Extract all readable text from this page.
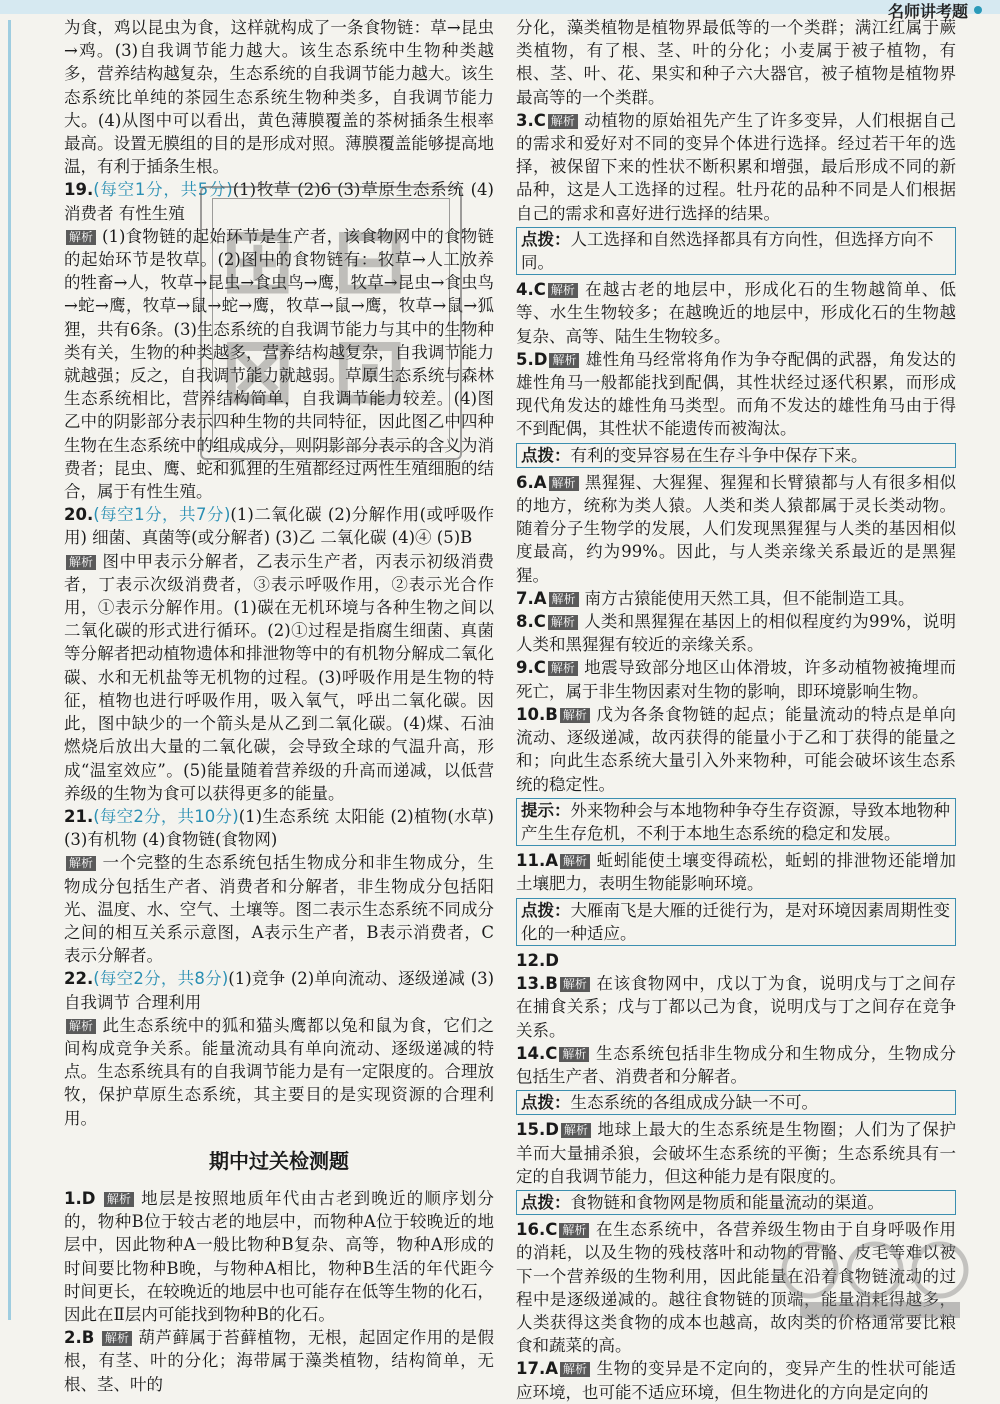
名师讲考题

为食，鸡以昆虫为食，这样就构成了一条食物链：草→昆虫→鸡。(3)自我调节能力越大。该生态系统中生物种类越多，营养结构越复杂，生态系统的自我调节能力越大。该生态系统比单纯的茶园生态系统生物种类多，自我调节能力大。(4)从图中可以看出，黄色薄膜覆盖的茶树插条生根率最高。设置无膜组的目的是形成对照。薄膜覆盖能够提高地温，有利于插条生根。

19.(每空1分，共5分)(1)牧草 (2)6 (3)草原生态系统 (4)消费者 有性生殖
解析 (1)食物链的起始环节是生产者，该食物网中的食物链的起始环节是牧草。(2)图中的食物链有：牧草→人工放养的牲畜→人，牧草→昆虫→食虫鸟→鹰，牧草→昆虫→食虫鸟→蛇→鹰，牧草→鼠→蛇→鹰，牧草→鼠→鹰，牧草→鼠→狐狸，共有6条。(3)生态系统的自我调节能力与其中的生物种类有关，生物的种类越多，营养结构越复杂，自我调节能力就越强；反之，自我调节能力就越弱。草原生态系统与森林生态系统相比，营养结构简单，自我调节能力较差。(4)图乙中的阴影部分表示四种生物的共同特征，因此图乙中四种生物在生态系统中的组成成分，则阴影部分表示的含义为消费者；昆虫、鹰、蛇和狐狸的生殖都经过两性生殖细胞的结合，属于有性生殖。
20.(每空1分，共7分)(1)二氧化碳 (2)分解作用(或呼吸作用) 细菌、真菌等(或分解者) (3)乙 二氧化碳 (4)④ (5)B
解析 图中甲表示分解者，乙表示生产者，丙表示初级消费者，丁表示次级消费者，③表示呼吸作用，②表示光合作用，①表示分解作用。(1)碳在无机环境与各种生物之间以二氧化碳的形式进行循环。(2)①过程是指腐生细菌、真菌等分解者把动植物遗体和排泄物等中的有机物分解成二氧化碳、水和无机盐等无机物的过程。(3)呼吸作用是生物的特征，植物也进行呼吸作用，吸入氧气，呼出二氧化碳。因此，图中缺少的一个箭头是从乙到二氧化碳。(4)煤、石油燃烧后放出大量的二氧化碳，会导致全球的气温升高，形成“温室效应”。(5)能量随着营养级的升高而递减，以低营养级的生物为食可以获得更多的能量。
21.(每空2分，共10分)(1)生态系统 太阳能 (2)植物(水草) (3)有机物 (4)食物链(食物网)
解析 一个完整的生态系统包括生物成分和非生物成分，生物成分包括生产者、消费者和分解者，非生物成分包括阳光、温度、水、空气、土壤等。图二表示生态系统不同成分之间的相互关系示意图，A表示生产者，B表示消费者，C表示分解者。
22.(每空2分，共8分)(1)竞争 (2)单向流动、逐级递减 (3)自我调节 合理利用
解析 此生态系统中的狐和猫头鹰都以兔和鼠为食，它们之间构成竞争关系。能量流动具有单向流动、逐级递减的特点。生态系统具有的自我调节能力是有一定限度的。合理放牧，保护草原生态系统，其主要目的是实现资源的合理利用。
期中过关检测题
1.D 解析 地层是按照地质年代由古老到晚近的顺序划分的，物种B位于较古老的地层中，而物种A位于较晚近的地层中，因此物种A一般比物种B复杂、高等，物种A形成的时间要比物种B晚，与物种A相比，物种B生活的年代距今时间更长，在较晚近的地层中也可能存在低等生物的化石，因此在Ⅱ层内可能找到物种B的化石。
2.B 解析 葫芦藓属于苔藓植物，无根，起固定作用的是假根，有茎、叶的分化；海带属于藻类植物，结构简单，无根、茎、叶的
⊞ ⊟
⊠ ⊡

分化，藻类植物是植物界最低等的一个类群；满江红属于蕨类植物，有了根、茎、叶的分化；小麦属于被子植物，有根、茎、叶、花、果实和种子六大器官，被子植物是植物界最高等的一个类群。

3.C 解析 动植物的原始祖先产生了许多变异，人们根据自己的需求和爱好对不同的变异个体进行选择。经过若干年的选择，被保留下来的性状不断积累和增强，最后形成不同的新品种，这是人工选择的过程。牡丹花的品种不同是人们根据自己的需求和喜好进行选择的结果。
点拨：人工选择和自然选择都具有方向性，但选择方向不同。
4.C 解析 在越古老的地层中，形成化石的生物越简单、低等、水生生物较多；在越晚近的地层中，形成化石的生物越复杂、高等、陆生生物较多。
5.D 解析 雄性角马经常将角作为争夺配偶的武器，角发达的雄性角马一般都能找到配偶，其性状经过逐代积累，而形成现代角发达的雄性角马类型。而角不发达的雄性角马由于得不到配偶，其性状不能遗传而被淘汰。
点拨：有利的变异容易在生存斗争中保存下来。
6.A 解析 黑猩猩、大猩猩、猩猩和长臂猿都与人有很多相似的地方，统称为类人猿。人类和类人猿都属于灵长类动物。随着分子生物学的发展，人们发现黑猩猩与人类的基因相似度最高，约为99%。因此，与人类亲缘关系最近的是黑猩猩。
7.A 解析 南方古猿能使用天然工具，但不能制造工具。
8.C 解析 人类和黑猩猩在基因上的相似程度约为99%，说明人类和黑猩猩有较近的亲缘关系。
9.C 解析 地震导致部分地区山体滑坡，许多动植物被掩埋而死亡，属于非生物因素对生物的影响，即环境影响生物。
10.B 解析 戊为各条食物链的起点；能量流动的特点是单向流动、逐级递减，故丙获得的能量小于乙和丁获得的能量之和；向此生态系统大量引入外来物种，可能会破坏该生态系统的稳定性。
提示：外来物种会与本地物种争夺生存资源，导致本地物种产生生存危机，不利于本地生态系统的稳定和发展。
11.A 解析 蚯蚓能使土壤变得疏松，蚯蚓的排泄物还能增加土壤肥力，表明生物能影响环境。
点拨：大雁南飞是大雁的迁徙行为，是对环境因素周期性变化的一种适应。
12.D
13.B 解析 在该食物网中，戊以丁为食，说明戊与丁之间存在捕食关系；戊与丁都以己为食，说明戊与丁之间存在竞争关系。
14.C 解析 生态系统包括非生物成分和生物成分，生物成分包括生产者、消费者和分解者。
点拨：生态系统的各组成成分缺一不可。
15.D 解析 地球上最大的生态系统是生物圈；人们为了保护羊而大量捕杀狼，会破坏生态系统的平衡；生态系统具有一定的自我调节能力，但这种能力是有限度的。
点拨：食物链和食物网是物质和能量流动的渠道。
16.C 解析 在生态系统中，各营养级生物由于自身呼吸作用的消耗，以及生物的残枝落叶和动物的骨骼、皮毛等难以被下一个营养级的生物利用，因此能量在沿着食物链流动的过程中是逐级递减的。越往食物链的顶端，能量消耗得越多，人类获得这类食物的成本也越高，故肉类的价格通常要比粮食和蔬菜的高。
17.A 解析 生物的变异是不定向的，变异产生的性状可能适应环境，也可能不适应环境，但生物进化的方向是定向的
